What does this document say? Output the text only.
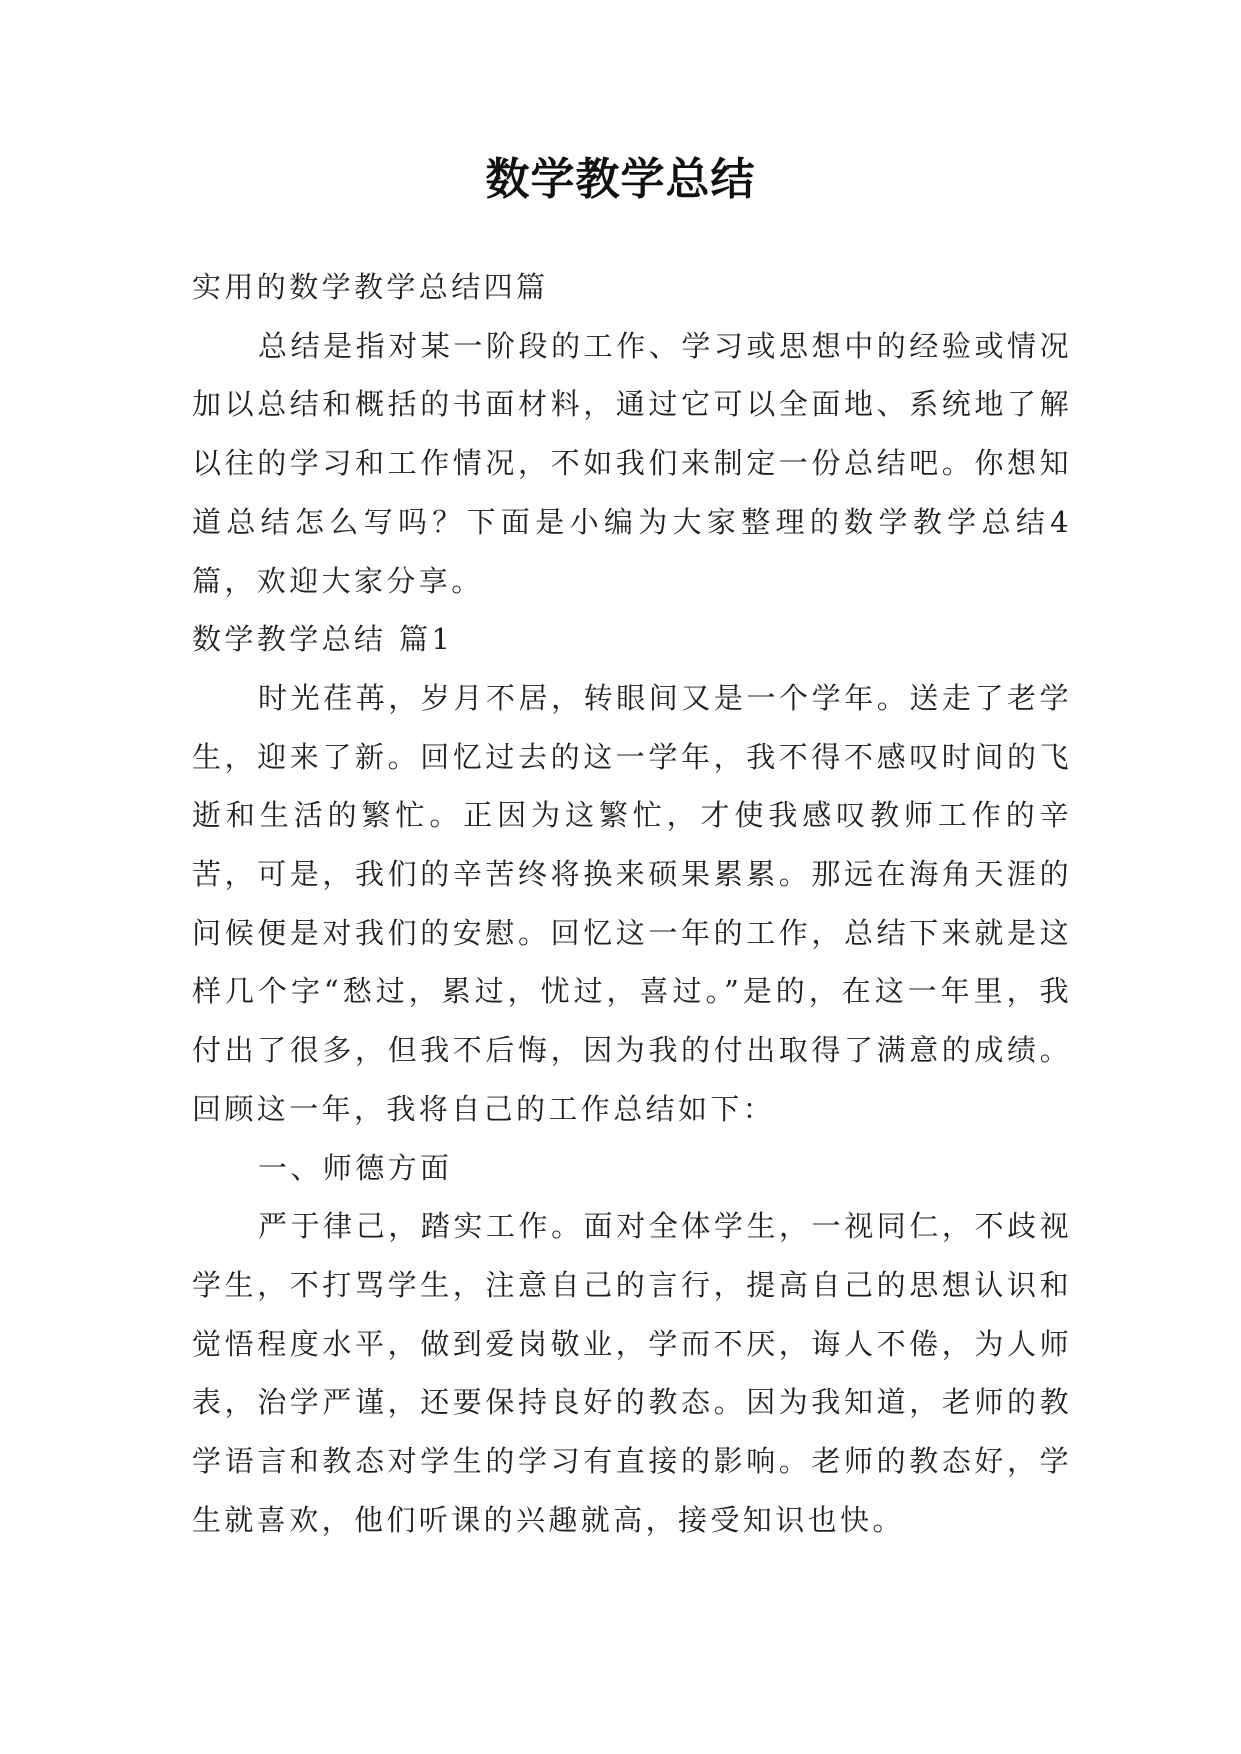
数学教学总结

实用的数学教学总结四篇

总结是指对某一阶段的工作、学习或思想中的经验或情况加以总结和概括的书面材料，通过它可以全面地、系统地了解以往的学习和工作情况，不如我们来制定一份总结吧。你想知道总结怎么写吗？下面是小编为大家整理的数学教学总结4篇，欢迎大家分享。

数学教学总结 篇1

时光荏苒，岁月不居，转眼间又是一个学年。送走了老学生，迎来了新。回忆过去的这一学年，我不得不感叹时间的飞逝和生活的繁忙。正因为这繁忙，才使我感叹教师工作的辛苦，可是，我们的辛苦终将换来硕果累累。那远在海角天涯的问候便是对我们的安慰。回忆这一年的工作，总结下来就是这样几个字“愁过，累过，忧过，喜过。”是的，在这一年里，我付出了很多，但我不后悔，因为我的付出取得了满意的成绩。回顾这一年，我将自己的工作总结如下：

一、师德方面

严于律己，踏实工作。面对全体学生，一视同仁，不歧视学生，不打骂学生，注意自己的言行，提高自己的思想认识和觉悟程度水平，做到爱岗敬业，学而不厌，诲人不倦，为人师表，治学严谨，还要保持良好的教态。因为我知道，老师的教学语言和教态对学生的学习有直接的影响。老师的教态好，学生就喜欢，他们听课的兴趣就高，接受知识也快。
